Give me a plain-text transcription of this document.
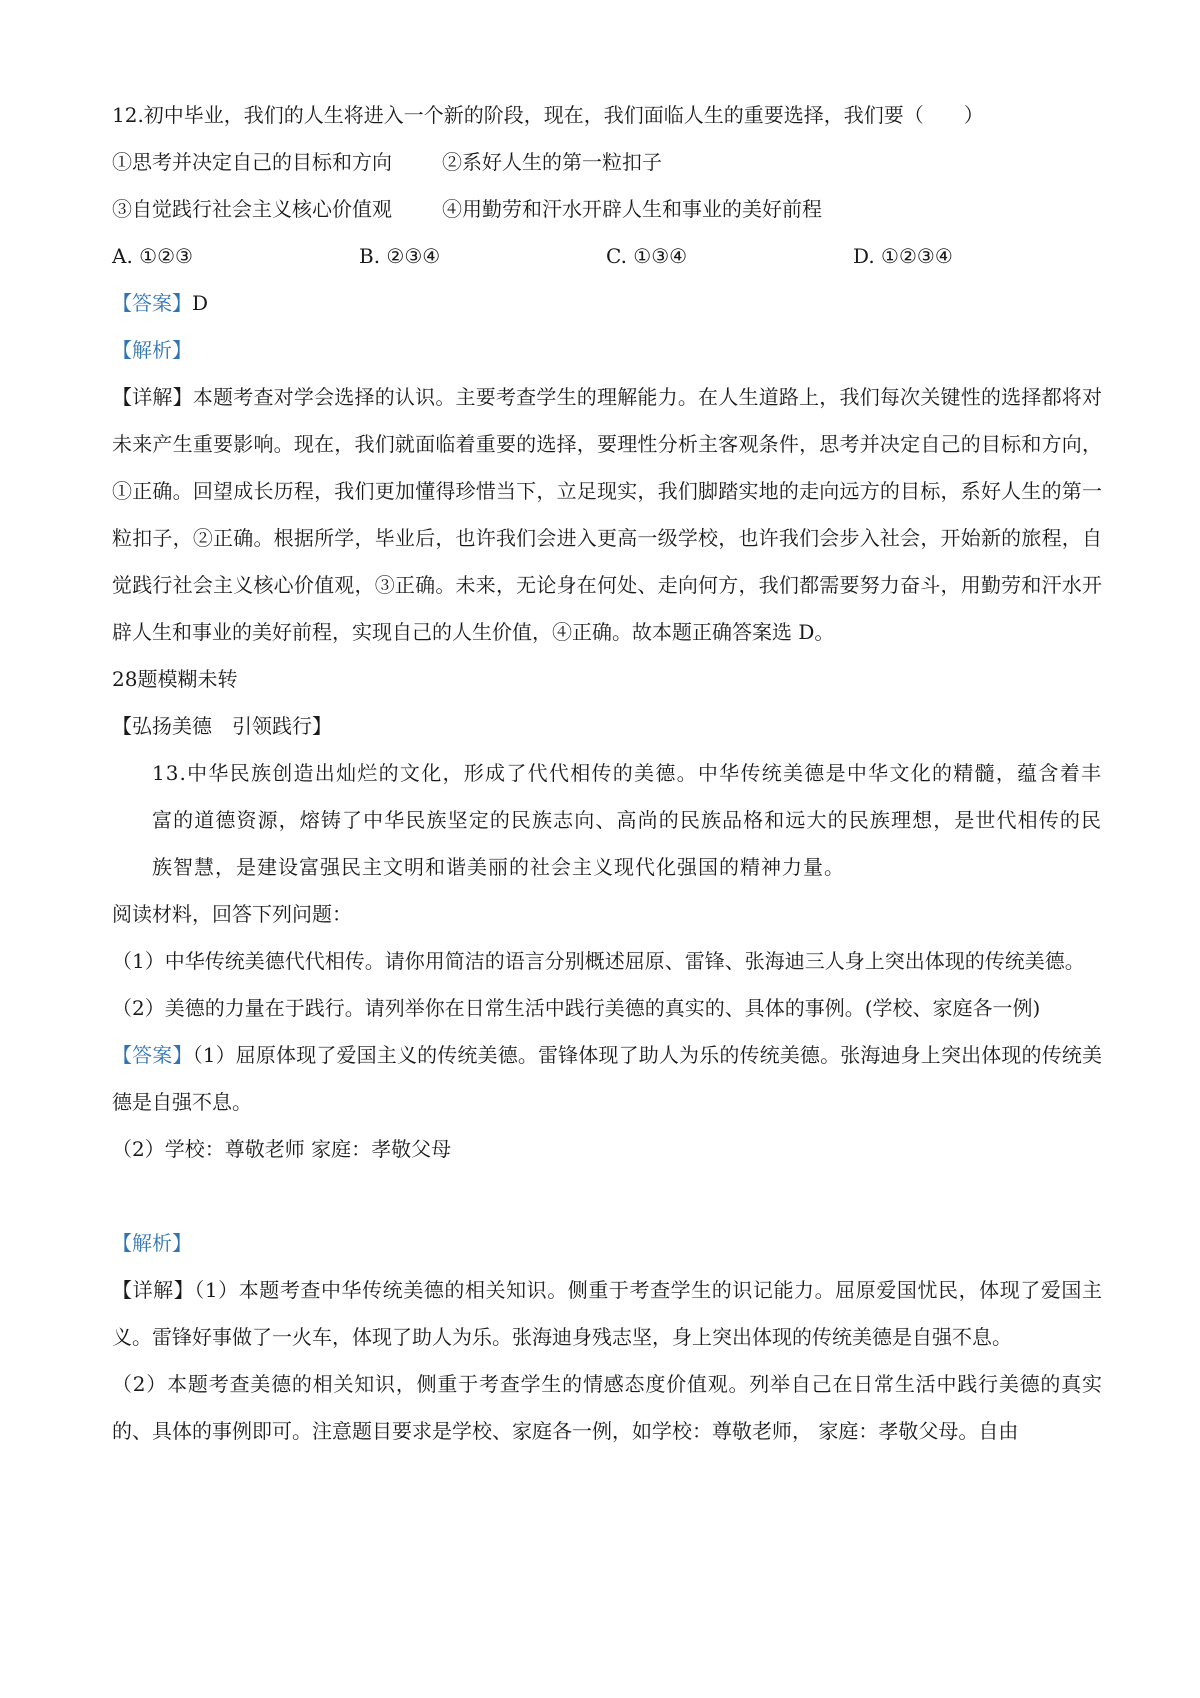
12.初中毕业，我们的人生将进入一个新的阶段，现在，我们面临人生的重要选择，我们要（　　）

①思考并决定自己的目标和方向	②系好人生的第一粒扣子
③自觉践行社会主义核心价值观	④用勤劳和汗水开辟人生和事业的美好前程
A. ①②③	B. ②③④	C. ①③④	D. ①②③④

【答案】D

【解析】

【详解】本题考查对学会选择的认识。主要考查学生的理解能力。在人生道路上，我们每次关键性的选择都将对未来产生重要影响。现在，我们就面临着重要的选择，要理性分析主客观条件，思考并决定自己的目标和方向，①正确。回望成长历程，我们更加懂得珍惜当下，立足现实，我们脚踏实地的走向远方的目标，系好人生的第一粒扣子，②正确。根据所学，毕业后，也许我们会进入更高一级学校，也许我们会步入社会，开始新的旅程，自觉践行社会主义核心价值观，③正确。未来，无论身在何处、走向何方，我们都需要努力奋斗，用勤劳和汗水开辟人生和事业的美好前程，实现自己的人生价值，④正确。故本题正确答案选 D。

28题模糊未转

【弘扬美德　引领践行】

13.中华民族创造出灿烂的文化，形成了代代相传的美德。中华传统美德是中华文化的精髓，蕴含着丰富的道德资源，熔铸了中华民族坚定的民族志向、高尚的民族品格和远大的民族理想，是世代相传的民族智慧，是建设富强民主文明和谐美丽的社会主义现代化强国的精神力量。

阅读材料，回答下列问题：

（1）中华传统美德代代相传。请你用简洁的语言分别概述屈原、雷锋、张海迪三人身上突出体现的传统美德。

（2）美德的力量在于践行。请列举你在日常生活中践行美德的真实的、具体的事例。(学校、家庭各一例)

【答案】（1）屈原体现了爱国主义的传统美德。雷锋体现了助人为乐的传统美德。张海迪身上突出体现的传统美德是自强不息。

（2）学校：尊敬老师 家庭：孝敬父母

【解析】

【详解】（1）本题考查中华传统美德的相关知识。侧重于考查学生的识记能力。屈原爱国忧民，体现了爱国主义。雷锋好事做了一火车，体现了助人为乐。张海迪身残志坚，身上突出体现的传统美德是自强不息。

（2）本题考查美德的相关知识，侧重于考查学生的情感态度价值观。列举自己在日常生活中践行美德的真实的、具体的事例即可。注意题目要求是学校、家庭各一例，如学校：尊敬老师， 家庭：孝敬父母。自由
